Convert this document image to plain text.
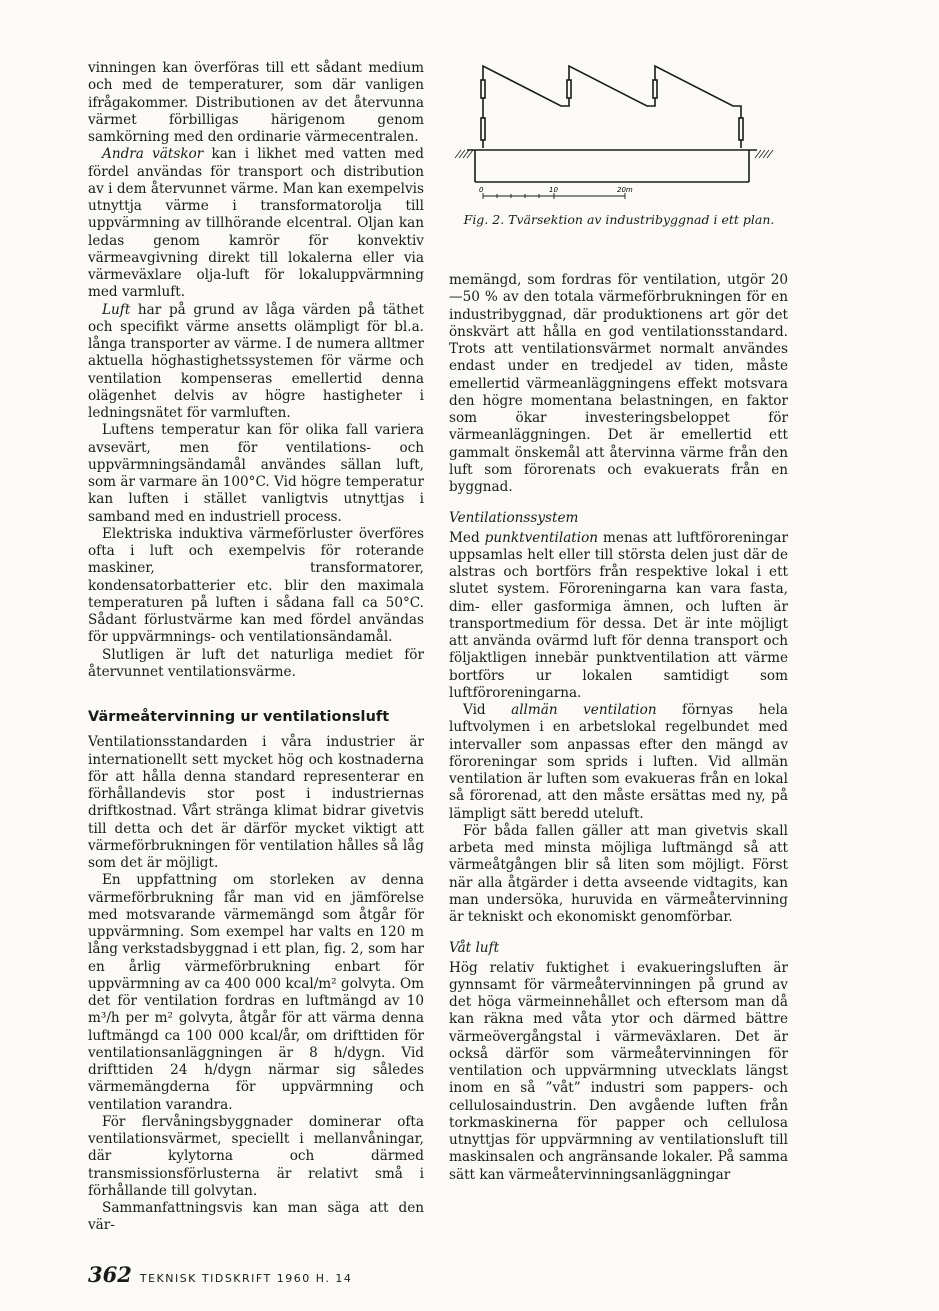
0	10	20m
Fig. 2. Tvärsektion av industribyggnad i ett plan.

vinningen kan överföras till ett sådant medium och med de temperaturer, som där vanligen ifrågakommer. Distributionen av det återvunna värmet förbilligas härigenom genom samkörning med den ordinarie värmecentralen.

Andra vätskor kan i likhet med vatten med fördel användas för transport och distribution av i dem återvunnet värme. Man kan exempelvis utnyttja värme i transformatorolja till uppvärmning av tillhörande elcentral. Oljan kan ledas genom kamrör för konvektiv värmeavgivning direkt till lokalerna eller via värmeväxlare olja-luft för lokaluppvärmning med varmluft.

Luft har på grund av låga värden på täthet och specifikt värme ansetts olämpligt för bl.a. långa transporter av värme. I de numera alltmer aktuella höghastighetssystemen för värme och ventilation kompenseras emellertid denna olägenhet delvis av högre hastigheter i ledningsnätet för varmluften.

Luftens temperatur kan för olika fall variera avsevärt, men för ventilations- och uppvärmningsändamål användes sällan luft, som är varmare än 100°C. Vid högre temperatur kan luften i stället vanligtvis utnyttjas i samband med en industriell process.

Elektriska induktiva värmeförluster överföres ofta i luft och exempelvis för roterande maskiner, transformatorer, kondensatorbatterier etc. blir den maximala temperaturen på luften i sådana fall ca 50°C. Sådant förlustvärme kan med fördel användas för uppvärmnings- och ventilationsändamål.

Slutligen är luft det naturliga mediet för återvunnet ventilationsvärme.

Värmeåtervinning ur ventilationsluft

Ventilationsstandarden i våra industrier är internationellt sett mycket hög och kostnaderna för att hålla denna standard representerar en förhållandevis stor post i industriernas driftkostnad. Vårt stränga klimat bidrar givetvis till detta och det är därför mycket viktigt att värmeförbrukningen för ventilation hålles så låg som det är möjligt.

En uppfattning om storleken av denna värmeförbrukning får man vid en jämförelse med motsvarande värmemängd som åtgår för uppvärmning. Som exempel har valts en 120 m lång verkstadsbyggnad i ett plan, fig. 2, som har en årlig värmeförbrukning enbart för uppvärmning av ca 400 000 kcal/m² golvyta. Om det för ventilation fordras en luftmängd av 10 m³/h per m² golvyta, åtgår för att värma denna luftmängd ca 100 000 kcal/år, om drifttiden för ventilationsanläggningen är 8 h/dygn. Vid drifttiden 24 h/dygn närmar sig således värmemängderna för uppvärmning och ventilation varandra.

För flervåningsbyggnader dominerar ofta ventilationsvärmet, speciellt i mellanvåningar, där kylytorna och därmed transmissionsförlusterna är relativt små i förhållande till golvytan.

Sammanfattningsvis kan man säga att den vär-

memängd, som fordras för ventilation, utgör 20—50 % av den totala värmeförbrukningen för en industribyggnad, där produktionens art gör det önskvärt att hålla en god ventilationsstandard. Trots att ventilationsvärmet normalt användes endast under en tredjedel av tiden, måste emellertid värmeanläggningens effekt motsvara den högre momentana belastningen, en faktor som ökar investeringsbeloppet för värmeanläggningen. Det är emellertid ett gammalt önskemål att återvinna värme från den luft som förorenats och evakuerats från en byggnad.

Ventilationssystem

Med punktventilation menas att luftföroreningar uppsamlas helt eller till största delen just där de alstras och bortförs från respektive lokal i ett slutet system. Föroreningarna kan vara fasta, dim- eller gasformiga ämnen, och luften är transportmedium för dessa. Det är inte möjligt att använda ovärmd luft för denna transport och följaktligen innebär punktventilation att värme bortförs ur lokalen samtidigt som luftföroreningarna.

Vid allmän ventilation förnyas hela luftvolymen i en arbetslokal regelbundet med intervaller som anpassas efter den mängd av föroreningar som sprids i luften. Vid allmän ventilation är luften som evakueras från en lokal så förorenad, att den måste ersättas med ny, på lämpligt sätt beredd uteluft.

För båda fallen gäller att man givetvis skall arbeta med minsta möjliga luftmängd så att värmeåtgången blir så liten som möjligt. Först när alla åtgärder i detta avseende vidtagits, kan man undersöka, huruvida en värmeåtervinning är tekniskt och ekonomiskt genomförbar.

Våt luft

Hög relativ fuktighet i evakueringsluften är gynnsamt för värmeåtervinningen på grund av det höga värmeinnehållet och eftersom man då kan räkna med våta ytor och därmed bättre värmeövergångstal i värmeväxlaren. Det är också därför som värmeåtervinningen för ventilation och uppvärmning utvecklats längst inom en så ”våt” industri som pappers- och cellulosaindustrin. Den avgående luften från torkmaskinerna för papper och cellulosa utnyttjas för uppvärmning av ventilationsluft till maskinsalen och angränsande lokaler. På samma sätt kan värmeåtervinningsanläggningar

362 TEKNISK TIDSKRIFT 1960 H. 14
